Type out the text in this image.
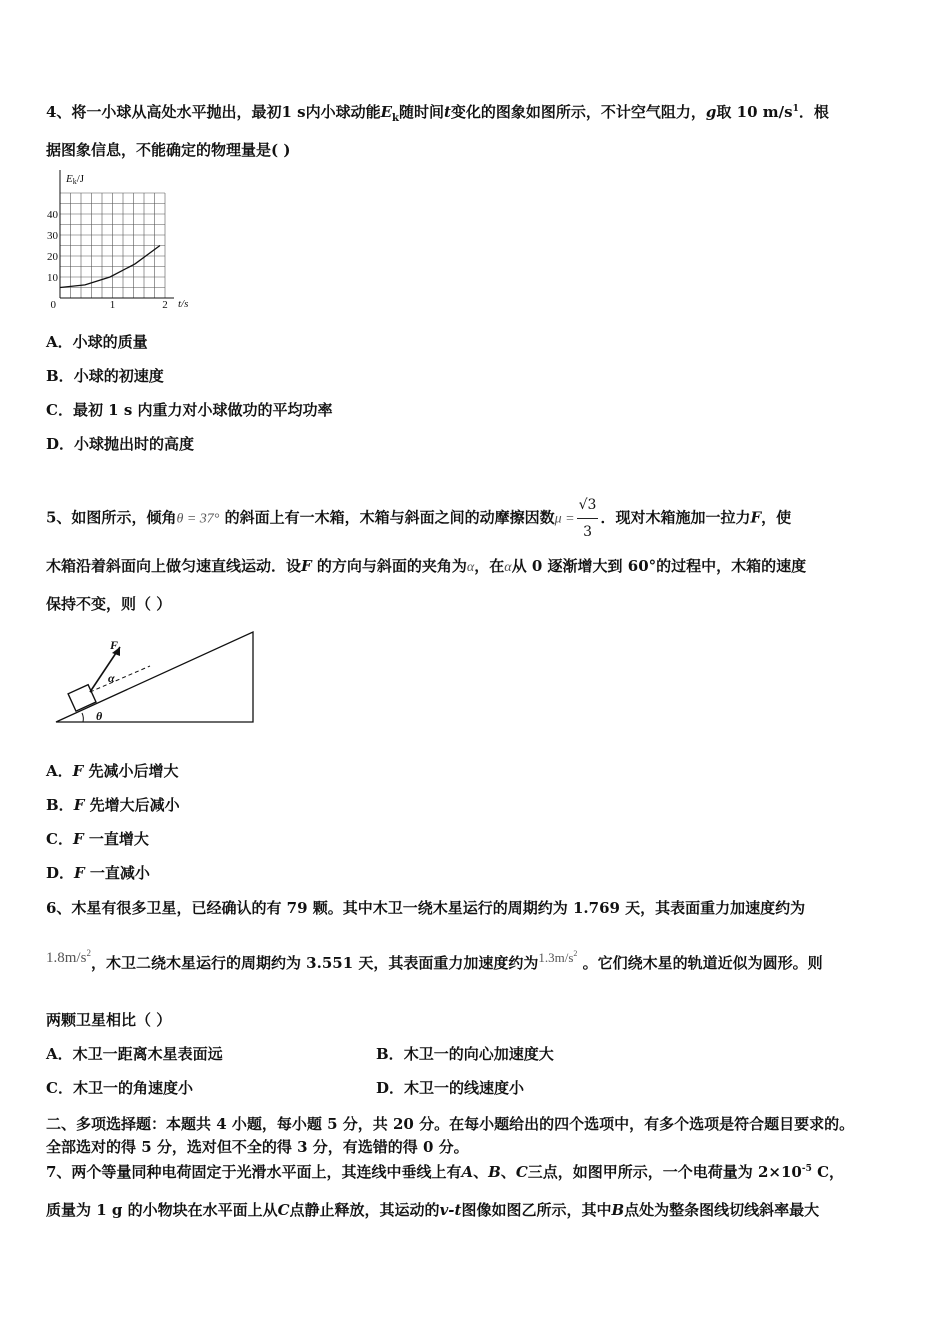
4、将一小球从高处水平抛出，最初1 s内小球动能$E_k$随时间t变化的图象如图所示，不计空气阻力，g取 10 $m/s^1$．根
据图象信息，不能确定的物理量是( )
Ek/J
0
10
20
30
40
1	2 t/s
A．小球的质量
B．小球的初速度
C．最初 1 s 内重力对小球做功的平均功率
D．小球抛出时的高度
5、如图所示，倾角θ = 37° 的斜面上有一木箱，木箱与斜面之间的动摩擦因数$\mu = \frac{√3}{3}$ ．现对木箱施加一拉力F，使
木箱沿着斜面向上做匀速直线运动．设F 的方向与斜面的夹角为α，在α从 0 逐渐增大到 60°的过程中，木箱的速度
保持不变，则（ ）
F
α
θ
A．F 先减小后增大
B．F 先增大后减小
C．F 一直增大
D．F 一直减小
6、木星有很多卫星，已经确认的有 79 颗。其中木卫一绕木星运行的周期约为 1.769 天，其表面重力加速度约为
$1.8m/s^2$，木卫二绕木星运行的周期约为 3.551 天，其表面重力加速度约为$1.3m/s^2$ 。它们绕木星的轨道近似为圆形。则
两颗卫星相比（ ）
A．木卫一距离木星表面远	B．木卫一的向心加速度大
C．木卫一的角速度小	D．木卫一的线速度小
二、多项选择题：本题共 4 小题，每小题 5 分，共 20 分。在每小题给出的四个选项中，有多个选项是符合题目要求的。
全部选对的得 5 分，选对但不全的得 3 分，有选错的得 0 分。
7、两个等量同种电荷固定于光滑水平面上，其连线中垂线上有A、B、C三点，如图甲所示，一个电荷量为 $2\times 10^{-5}$ C，
质量为 1 g 的小物块在水平面上从C点静止释放，其运动的v-t图像如图乙所示，其中B点处为整条图线切线斜率最大
